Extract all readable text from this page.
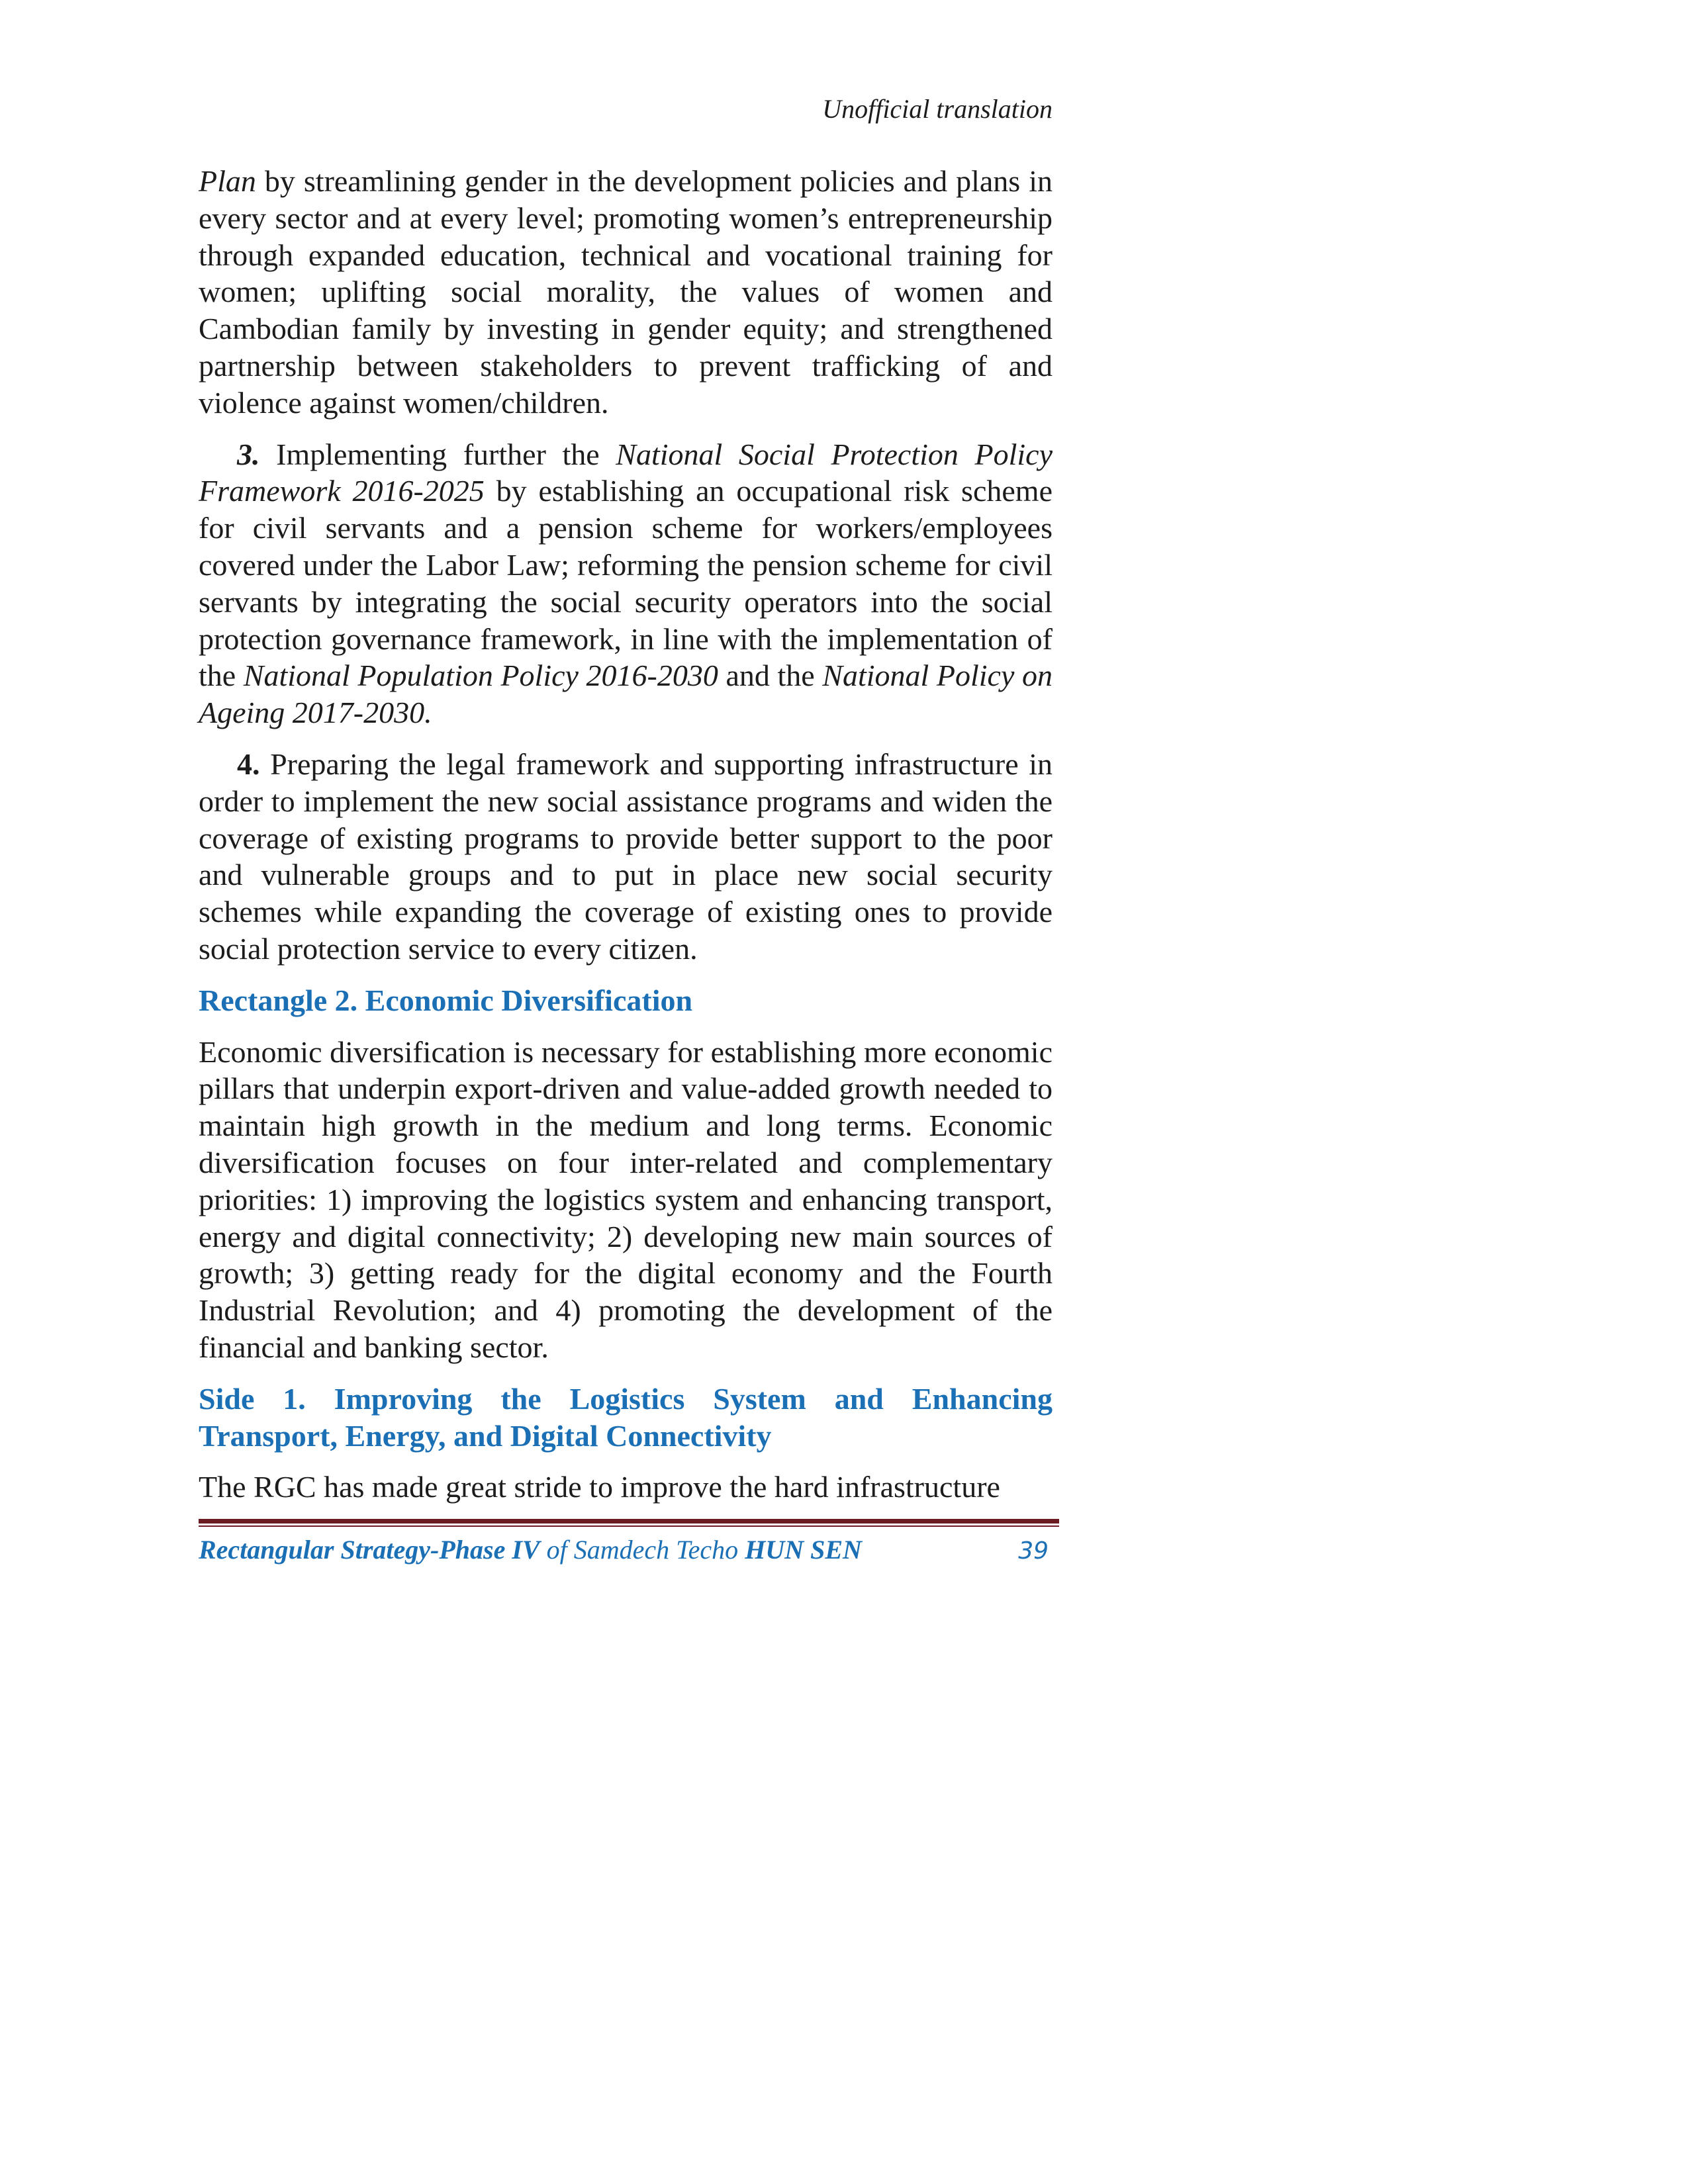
Unofficial translation

Plan by streamlining gender in the development policies and plans in every sector and at every level; promoting women’s entrepreneurship through expanded education, technical and vocational training for women; uplifting social morality, the values of women and Cambodian family by investing in gender equity; and strengthened partnership between stakeholders to prevent trafficking of and violence against women/children.

3. Implementing further the National Social Protection Policy Framework 2016-2025 by establishing an occupational risk scheme for civil servants and a pension scheme for workers/employees covered under the Labor Law; reforming the pension scheme for civil servants by integrating the social security operators into the social protection governance framework, in line with the implementation of the National Population Policy 2016-2030 and the National Policy on Ageing 2017-2030.

4. Preparing the legal framework and supporting infrastructure in order to implement the new social assistance programs and widen the coverage of existing programs to provide better support to the poor and vulnerable groups and to put in place new social security schemes while expanding the coverage of existing ones to provide social protection service to every citizen.

Rectangle 2. Economic Diversification

Economic diversification is necessary for establishing more economic pillars that underpin export-driven and value-added growth needed to maintain high growth in the medium and long terms. Economic diversification focuses on four inter-related and complementary priorities: 1) improving the logistics system and enhancing transport, energy and digital connectivity; 2) developing new main sources of growth; 3) getting ready for the digital economy and the Fourth Industrial Revolution; and 4) promoting the development of the financial and banking sector.

Side 1. Improving the Logistics System and Enhancing Transport, Energy, and Digital Connectivity

The RGC has made great stride to improve the hard infrastructure

Rectangular Strategy-Phase IV of Samdech Techo HUN SEN	39
